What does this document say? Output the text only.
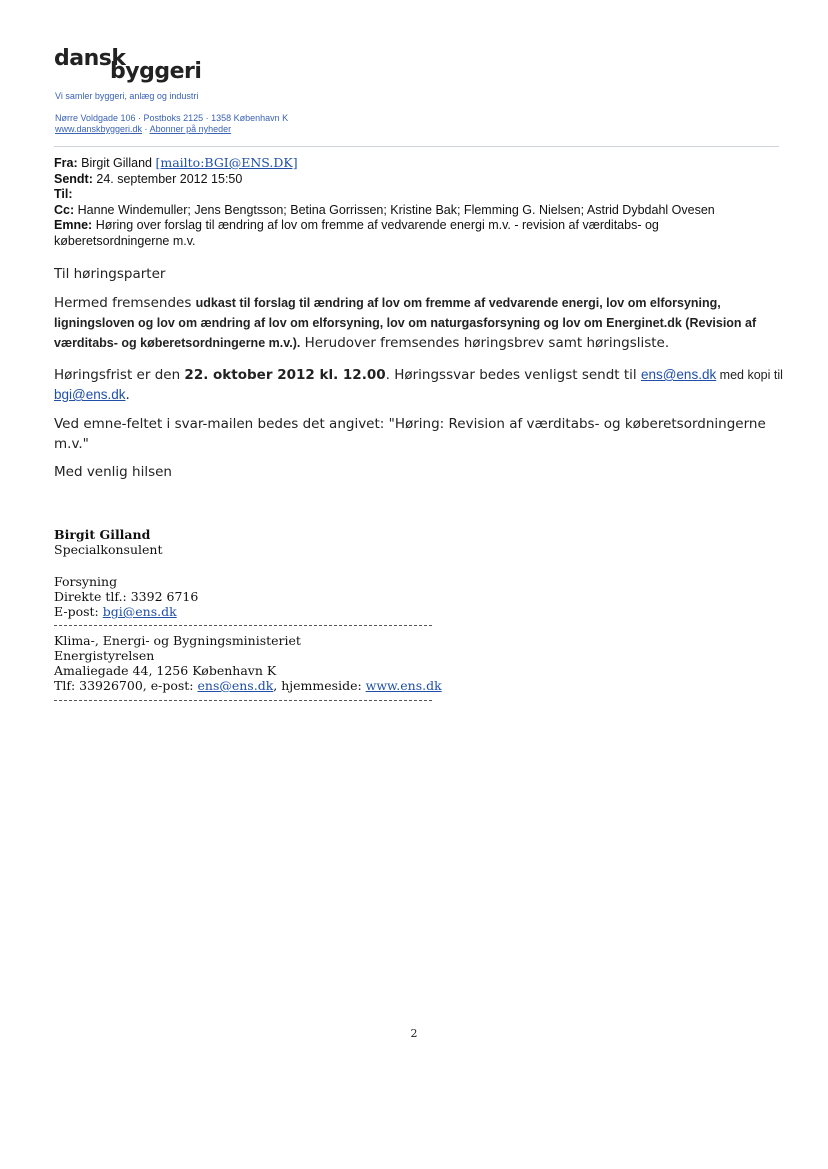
dansk
byggeri
Vi samler byggeri, anlæg og industri
Nørre Voldgade 106 · Postboks 2125 · 1358 København K
www.danskbyggeri.dk · Abonner på nyheder
Fra: Birgit Gilland [mailto:BGI@ENS.DK]
Sendt: 24. september 2012 15:50
Til:
Cc: Hanne Windemuller; Jens Bengtsson; Betina Gorrissen; Kristine Bak; Flemming G. Nielsen; Astrid Dybdahl Ovesen
Emne: Høring over forslag til ændring af lov om fremme af vedvarende energi m.v. - revision af værditabs- og køberetsordningerne m.v.
Til høringsparter
Hermed fremsendes udkast til forslag til ændring af lov om fremme af vedvarende energi, lov om elforsyning, ligningsloven og lov om ændring af lov om elforsyning, lov om naturgasforsyning og lov om Energinet.dk (Revision af værditabs- og køberetsordningerne m.v.). Herudover fremsendes høringsbrev samt høringsliste.
Høringsfrist er den 22. oktober 2012 kl. 12.00. Høringssvar bedes venligst sendt til ens@ens.dk med kopi til bgi@ens.dk.
Ved emne-feltet i svar-mailen bedes det angivet: "Høring: Revision af værditabs- og køberetsordningerne m.v."
Med venlig hilsen
Birgit Gilland
Specialkonsulent
Forsyning
Direkte tlf.: 3392 6716
E-post: bgi@ens.dk
Klima-, Energi- og Bygningsministeriet
Energistyrelsen
Amaliegade 44, 1256 København K
Tlf: 33926700, e-post: ens@ens.dk, hjemmeside: www.ens.dk
2
